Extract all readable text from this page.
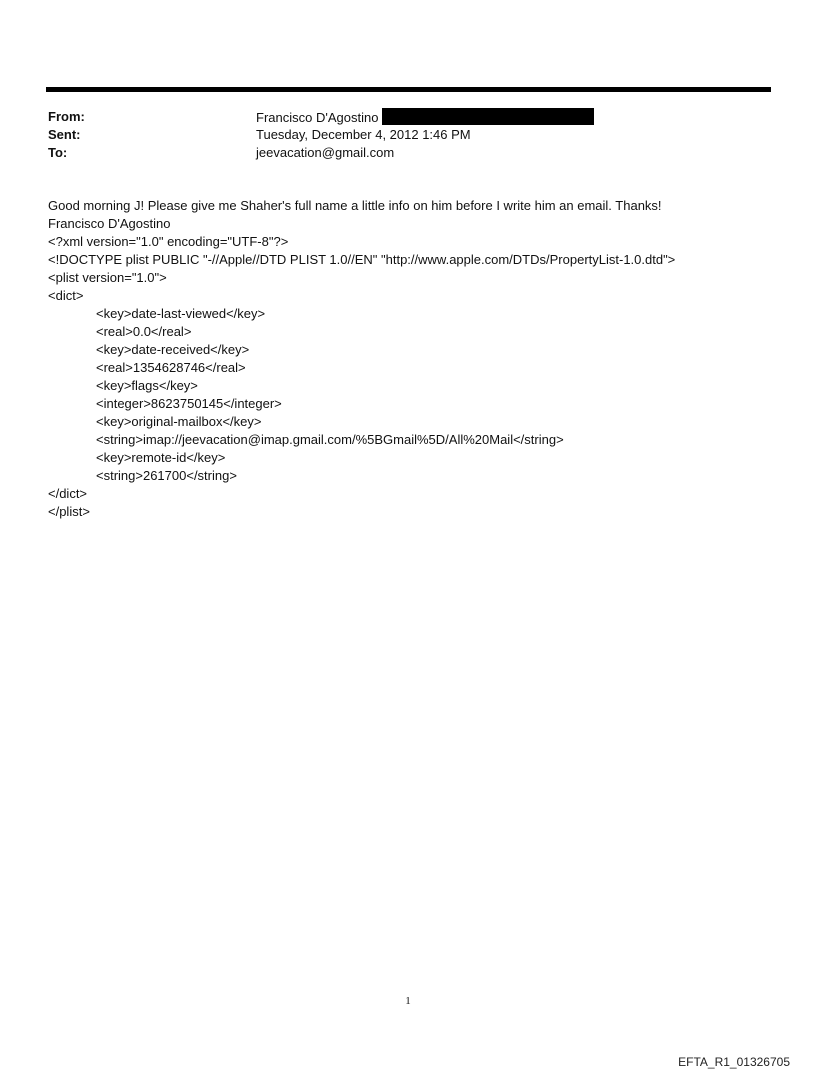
From:	Francisco D'Agostino
Sent:	Tuesday, December 4, 2012 1:46 PM
To:	jeevacation@gmail.com
Good morning J! Please give me Shaher's full name a little info on him before I write him an email. Thanks!
Francisco D'Agostino
<?xml version="1.0" encoding="UTF-8"?>
<!DOCTYPE plist PUBLIC "-//Apple//DTD PLIST 1.0//EN" "http://www.apple.com/DTDs/PropertyList-1.0.dtd">
<plist version="1.0">
<dict>
<key>date-last-viewed</key>
<real>0.0</real>
<key>date-received</key>
<real>1354628746</real>
<key>flags</key>
<integer>8623750145</integer>
<key>original-mailbox</key>
<string>imap://jeevacation@imap.gmail.com/%5BGmail%5D/All%20Mail</string>
<key>remote-id</key>
<string>261700</string>
</dict>
</plist>
1
EFTA_R1_01326705
